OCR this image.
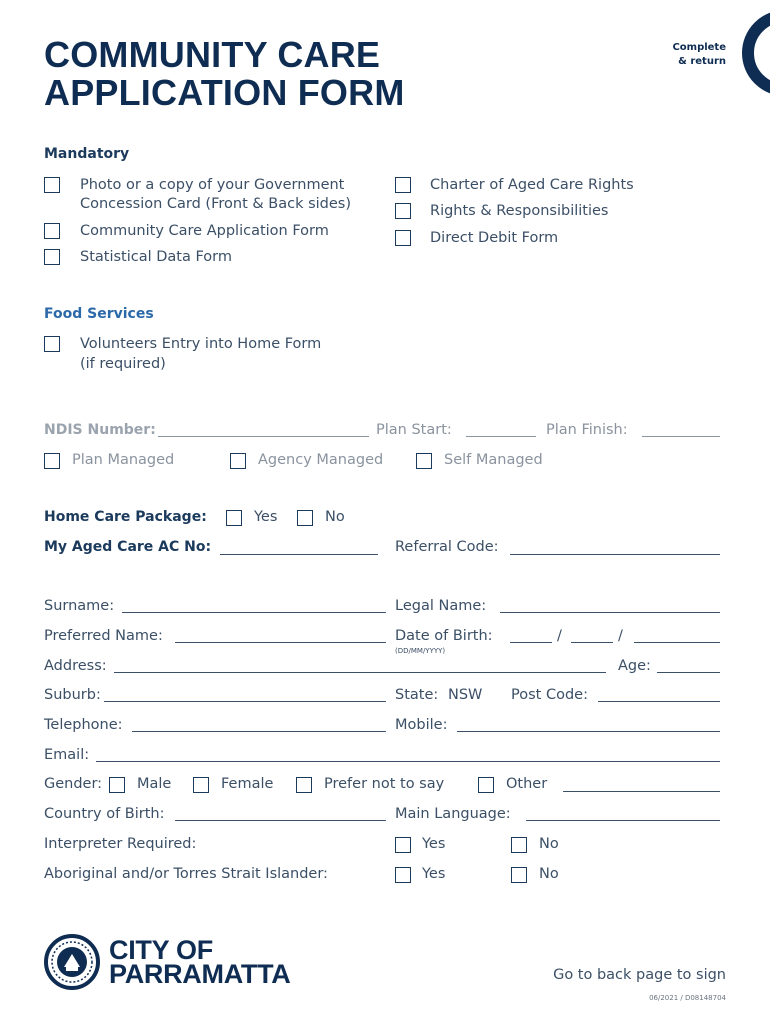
COMMUNITY CARE
APPLICATION FORM
Complete
& return
Mandatory
Photo or a copy of your Government
Concession Card (Front & Back sides)
Community Care Application Form
Statistical Data Form
Charter of Aged Care Rights
Rights & Responsibilities
Direct Debit Form
Food Services
Volunteers Entry into Home Form
(if required)
NDIS Number:	Plan Start:	Plan Finish:
Plan Managed	Agency Managed	Self Managed
Home Care Package:	Yes	No
My Aged Care AC No:	Referral Code:
Surname:	Legal Name:
Preferred Name:	Date of Birth:	/	/
(DD/MM/YYYY)
Address:	Age:
Suburb:	State: NSW Post Code:
Telephone:	Mobile:
Email:
Gender: Male	Female	Prefer not to say	Other
Country of Birth:	Main Language:
Interpreter Required:	Yes	No
Aboriginal and/or Torres Strait Islander:	Yes	No
CITY OF
PARRAMATTA	Go to back page to sign
06/2021 / D08148704
